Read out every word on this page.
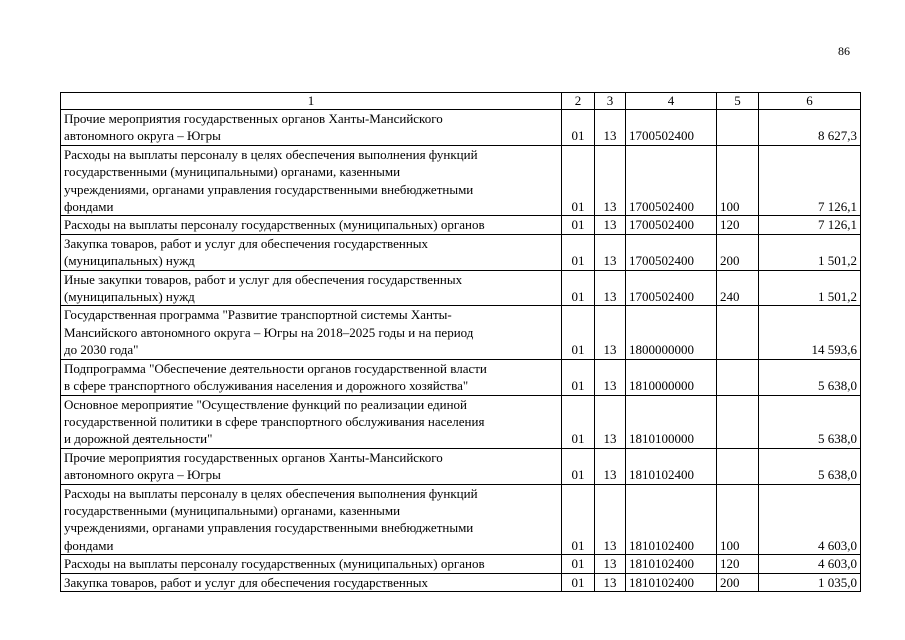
86
1	2	3	4	5	6

Прочие мероприятия государственных органов Ханты-Мансийского
автономного округа – Югры	01	13	1700502400		8 627,3

Расходы на выплаты персоналу в целях обеспечения выполнения функций
государственными (муниципальными) органами, казенными
учреждениями, органами управления государственными внебюджетными
фондами	01	13	1700502400	100	7 126,1

Расходы на выплаты персоналу государственных (муниципальных) органов	01	13	1700502400	120	7 126,1

Закупка товаров, работ и услуг для обеспечения государственных
(муниципальных) нужд	01	13	1700502400	200	1 501,2

Иные закупки товаров, работ и услуг для обеспечения государственных
(муниципальных) нужд	01	13	1700502400	240	1 501,2

Государственная программа "Развитие транспортной системы Ханты-
Мансийского автономного округа – Югры на 2018–2025 годы и на период
до 2030 года"	01	13	1800000000		14 593,6

Подпрограмма "Обеспечение деятельности органов государственной власти
в сфере транспортного обслуживания населения и дорожного хозяйства"	01	13	1810000000		5 638,0

Основное мероприятие "Осуществление функций по реализации единой
государственной политики в сфере транспортного обслуживания населения
и дорожной деятельности"	01	13	1810100000		5 638,0

Прочие мероприятия государственных органов Ханты-Мансийского
автономного округа – Югры	01	13	1810102400		5 638,0

Расходы на выплаты персоналу в целях обеспечения выполнения функций
государственными (муниципальными) органами, казенными
учреждениями, органами управления государственными внебюджетными
фондами	01	13	1810102400	100	4 603,0

Расходы на выплаты персоналу государственных (муниципальных) органов	01	13	1810102400	120	4 603,0

Закупка товаров, работ и услуг для обеспечения государственных	01	13	1810102400	200	1 035,0
